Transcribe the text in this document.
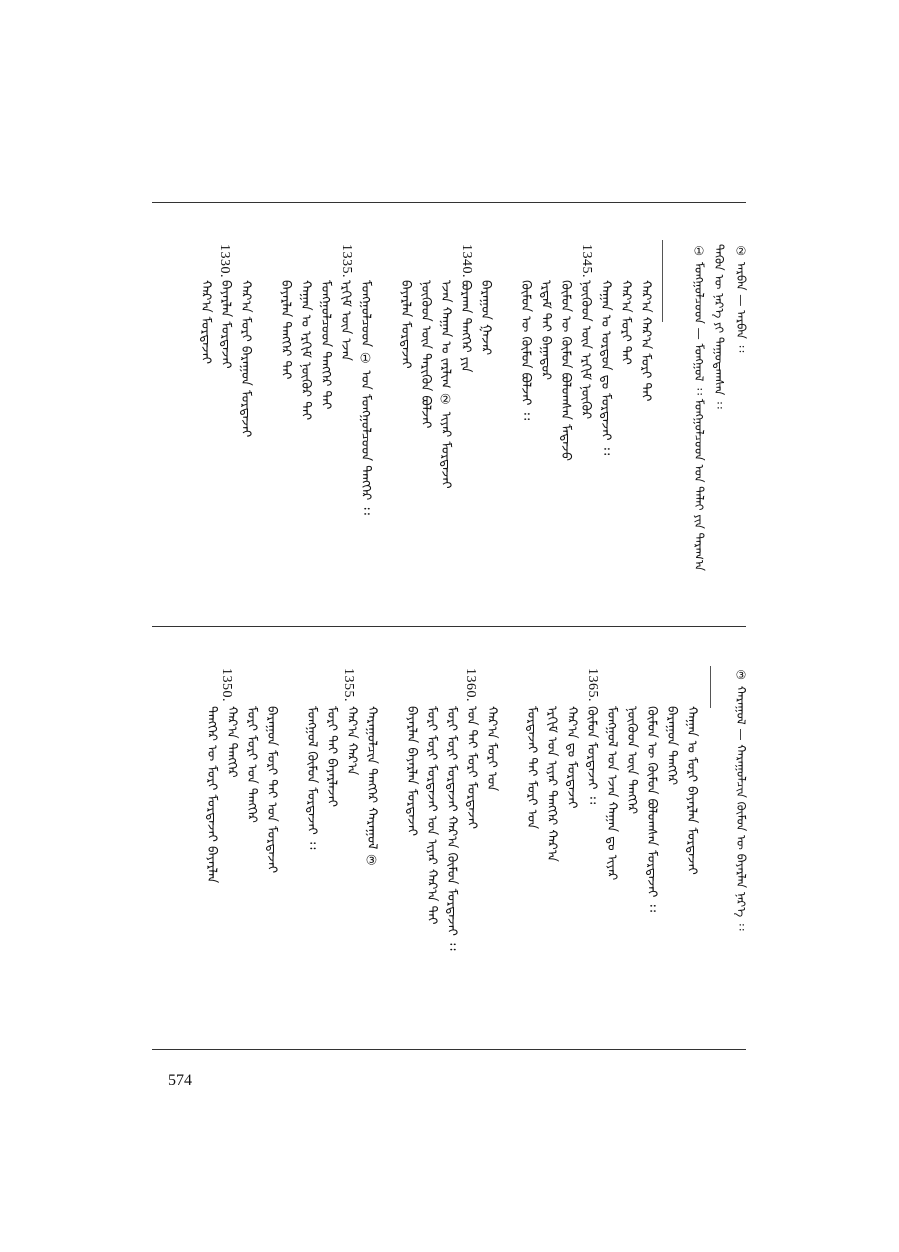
② ᠠᠷᠪᠠᠨ — ᠠᠷᠪᠠᠨ ᠄᠄
① ᠮᠣᠩᠭᠣᠯᠴᠤᠳ — ᠮᠣᠩᠭᠣᠯ ᠄᠄ ᠮᠣᠩᠭᠣᠯᠴᠤᠳ ᠤᠨ ᠳᠠᠯᠠᠢ ᠶᠢᠨ ᠳᠠᠷᠠᠭ᠎ᠠ ᠲᠡᠭᠦᠨ ᠦ ᠨᠡᠷ᠎ᠡ ᠶᠢ ᠳᠠᠭᠤᠳᠠᠭᠰᠠᠨ ᠄᠄
ᠬᠠᠷ᠎ᠠ ᠬᠠᠷ᠎ᠠ ᠮᠣᠷᠢ ᠲᠠᠢ
ᠬᠠᠷ᠎ᠠ ᠮᠣᠷᠢ ᠲᠠᠢ
ᠬᠠᠭᠠᠨ ᠤ ᠣᠷᠳᠣᠨ ᠳᠤ ᠮᠣᠷᠳᠠᠵᠠᠢ ᠄᠄
ᠨᠥᠬᠦᠳ ᠦᠨ ᠡᠷᠬᠢᠮ ᠨᠥᠬᠦᠷ
ᠬᠦᠮᠦᠨ ᠦ ᠬᠦᠮᠦᠨ ᠪᠣᠯᠣᠭᠰᠠᠨ ᠮᠡᠳᠡᠵᠦ
ᠡᠷᠳᠡᠮ ᠳᠡᠢ ᠪᠠᠭᠠᠲᠤᠷ
ᠬᠦᠮᠦᠨ ᠦ ᠬᠦᠮᠦᠨ ᠪᠣᠯᠵᠠᠢ ᠄᠄
ᠪᠠᠷᠠᠭᠤᠨ ᠭᠠᠵᠠᠷ
ᠪᠣᠷᠬᠠᠨ ᠲᠡᠩᠭᠡᠷ ᠶᠢᠨ
ᠡᠵᠡᠨ ᠬᠠᠭᠠᠨ ᠤ ᠵᠠᠷᠯᠢᠭ ② ᠢᠶᠡᠷ ᠮᠣᠷᠳᠠᠵᠠᠢ
ᠨᠥᠬᠦᠳ ᠦᠨ ᠲᠡᠷᠢᠭᠦᠨ ᠪᠣᠯᠵᠠᠢ
ᠪᠠᠶᠠᠷᠯᠠᠨ ᠮᠣᠷᠳᠠᠵᠠᠢ
ᠮᠣᠩᠭᠣᠯᠴᠤᠳ ① ᠤᠨ ᠮᠣᠩᠭᠣᠯᠴᠤᠳ ᠲᠡᠩᠭᠡᠷ ᠄᠄
ᠡᠷᠬᠢᠮ ᠦᠨ ᠡᠵᠡᠨ
ᠮᠣᠩᠭᠣᠯᠴᠤᠳ ᠲᠡᠩᠭᠡᠷ ᠲᠡᠢ
ᠬᠠᠭᠠᠨ ᠤ ᠡᠷᠬᠢᠮ ᠨᠥᠬᠦᠷ ᠲᠠᠢ
ᠪᠠᠶᠠᠷᠯᠠᠨ ᠲᠡᠩᠭᠡᠷ ᠲᠡᠢ
ᠬᠠᠷ᠎ᠠ ᠮᠣᠷᠢ ᠪᠠᠷᠠᠭᠤᠨ ᠮᠣᠷᠳᠠᠵᠠᠢ
ᠪᠠᠶᠠᠷᠯᠠᠨ ᠮᠣᠷᠳᠠᠵᠠᠢ
ᠬᠠᠷ᠎ᠠ ᠮᠣᠷᠳᠠᠵᠠᠢ
1345.
1340.
1335.
1330.
③ ᠬᠠᠷᠠᠭᠤᠯ — ᠬᠠᠷᠠᠭᠤᠯᠴᠢᠨ ᠬᠦᠮᠦᠨ ᠦ ᠪᠠᠶᠠᠷᠯᠠᠨ ᠨᠡᠷ᠎ᠡ ᠄᠄
ᠬᠠᠭᠠᠨ ᠤ ᠮᠣᠷᠢ ᠪᠠᠶᠠᠷᠯᠠᠨ ᠮᠣᠷᠳᠠᠵᠠᠢ
ᠪᠠᠷᠠᠭᠤᠨ ᠲᠡᠩᠭᠡᠷ
ᠬᠦᠮᠦᠨ ᠦ ᠬᠦᠮᠦᠨ ᠪᠣᠯᠣᠭᠰᠠᠨ ᠮᠣᠷᠳᠠᠵᠠᠢ ᠄᠄
ᠨᠥᠬᠦᠳ ᠦᠨ ᠲᠡᠩᠭᠡᠷ
ᠮᠣᠩᠭᠣᠯ ᠤᠨ ᠡᠵᠡᠨ ᠬᠠᠭᠠᠨ ᠳᠤ ᠢᠶᠡᠷ
ᠬᠦᠮᠦᠨ ᠮᠣᠷᠳᠠᠵᠠᠢ ᠄᠄
ᠬᠠᠷ᠎ᠠ ᠳᠤ ᠮᠣᠷᠳᠠᠵᠠᠢ
ᠡᠷᠬᠢᠮ ᠤᠨ ᠢᠶᠡᠷ ᠲᠡᠩᠭᠡᠷ ᠬᠠᠷ᠎ᠠ
ᠮᠣᠷᠳᠠᠵᠠᠢ ᠲᠡᠢ ᠮᠣᠷᠢ ᠤᠨ
ᠬᠠᠷ᠎ᠠ ᠮᠣᠷᠢ ᠤᠨ
ᠤᠨ ᠲᠡᠢ ᠮᠣᠷᠢ ᠮᠣᠷᠳᠠᠵᠠᠢ
ᠮᠣᠷᠢ ᠮᠣᠷᠢ ᠮᠣᠷᠳᠠᠵᠠᠢ ᠬᠠᠷ᠎ᠠ ᠬᠦᠮᠦᠨ ᠮᠣᠷᠳᠠᠵᠠᠢ ᠄᠄
ᠮᠣᠷᠢ ᠮᠣᠷᠢ ᠮᠣᠷᠳᠠᠵᠠᠢ ᠤᠨ ᠢᠶᠡᠷ ᠬᠠᠷ᠎ᠠ ᠲᠠᠢ
ᠪᠠᠶᠠᠷᠯᠠᠨ ᠪᠠᠶᠠᠷᠯᠠᠨ ᠮᠣᠷᠳᠠᠵᠠᠢ
ᠬᠠᠷᠠᠭᠤᠯᠴᠢᠨ ᠲᠡᠩᠭᠡᠷ ᠬᠠᠷᠠᠭᠤᠯ ③
ᠬᠠᠷ᠎ᠠ ᠬᠠᠷ᠎ᠠ
ᠮᠣᠷᠢ ᠲᠡᠢ ᠪᠠᠶᠠᠷᠯᠠᠵᠠᠢ
ᠮᠣᠩᠭᠣᠯ ᠬᠦᠮᠦᠨ ᠮᠣᠷᠳᠠᠵᠠᠢ ᠄᠄
ᠪᠠᠷᠠᠭᠤᠨ ᠮᠣᠷᠢ ᠲᠡᠢ ᠤᠨ ᠮᠣᠷᠳᠠᠵᠠᠢ
ᠮᠣᠷᠢ ᠮᠣᠷᠢ ᠤᠨ ᠲᠡᠩᠭᠡᠷ
ᠬᠠᠷ᠎ᠠ ᠲᠡᠩᠭᠡᠷ
ᠲᠡᠩᠭᠡᠷ ᠦ ᠮᠣᠷᠢ ᠮᠣᠷᠳᠠᠵᠠᠢ ᠪᠠᠶᠠᠷᠯᠠᠨ
1365.
1360.
1355.
1350.
574
